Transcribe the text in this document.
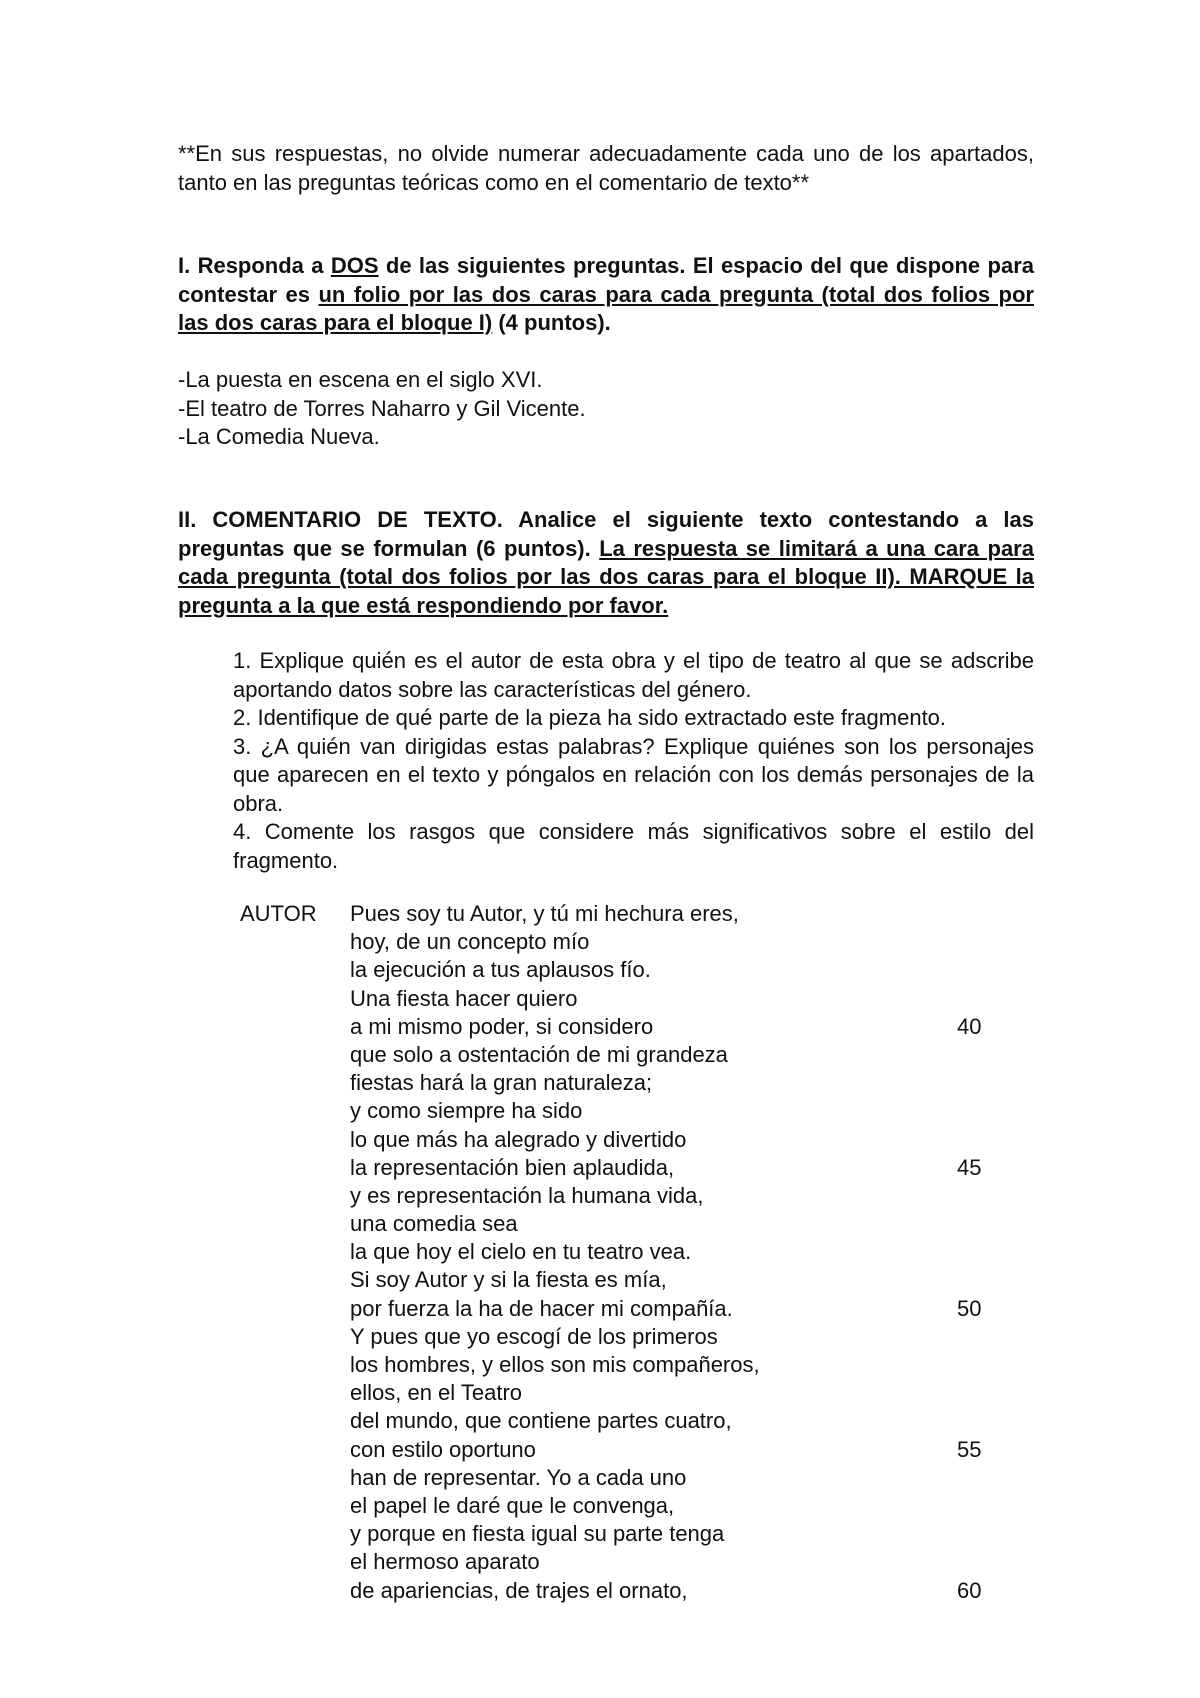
**En sus respuestas, no olvide numerar adecuadamente cada uno de los apartados, tanto en las preguntas teóricas como en el comentario de texto**
I. Responda a DOS de las siguientes preguntas. El espacio del que dispone para contestar es un folio por las dos caras para cada pregunta (total dos folios por las dos caras para el bloque I) (4 puntos).
-La puesta en escena en el siglo XVI.
-El teatro de Torres Naharro y Gil Vicente.
-La Comedia Nueva.
II. COMENTARIO DE TEXTO. Analice el siguiente texto contestando a las preguntas que se formulan (6 puntos). La respuesta se limitará a una cara para cada pregunta (total dos folios por las dos caras para el bloque II). MARQUE la pregunta a la que está respondiendo por favor.
1. Explique quién es el autor de esta obra y el tipo de teatro al que se adscribe aportando datos sobre las características del género.
2. Identifique de qué parte de la pieza ha sido extractado este fragmento.
3. ¿A quién van dirigidas estas palabras? Explique quiénes son los personajes que aparecen en el texto y póngalos en relación con los demás personajes de la obra.
4. Comente los rasgos que considere más significativos sobre el estilo del fragmento.
AUTOR Pues soy tu Autor, y tú mi hechura eres,
hoy, de un concepto mío
la ejecución a tus aplausos fío.
Una fiesta hacer quiero
a mi mismo poder, si considero	40
que solo a ostentación de mi grandeza
fiestas hará la gran naturaleza;
y como siempre ha sido
lo que más ha alegrado y divertido
la representación bien aplaudida,	45
y es representación la humana vida,
una comedia sea
la que hoy el cielo en tu teatro vea.
Si soy Autor y si la fiesta es mía,
por fuerza la ha de hacer mi compañía.	50
Y pues que yo escogí de los primeros
los hombres, y ellos son mis compañeros,
ellos, en el Teatro
del mundo, que contiene partes cuatro,
con estilo oportuno	55
han de representar. Yo a cada uno
el papel le daré que le convenga,
y porque en fiesta igual su parte tenga
el hermoso aparato
de apariencias, de trajes el ornato,	60
